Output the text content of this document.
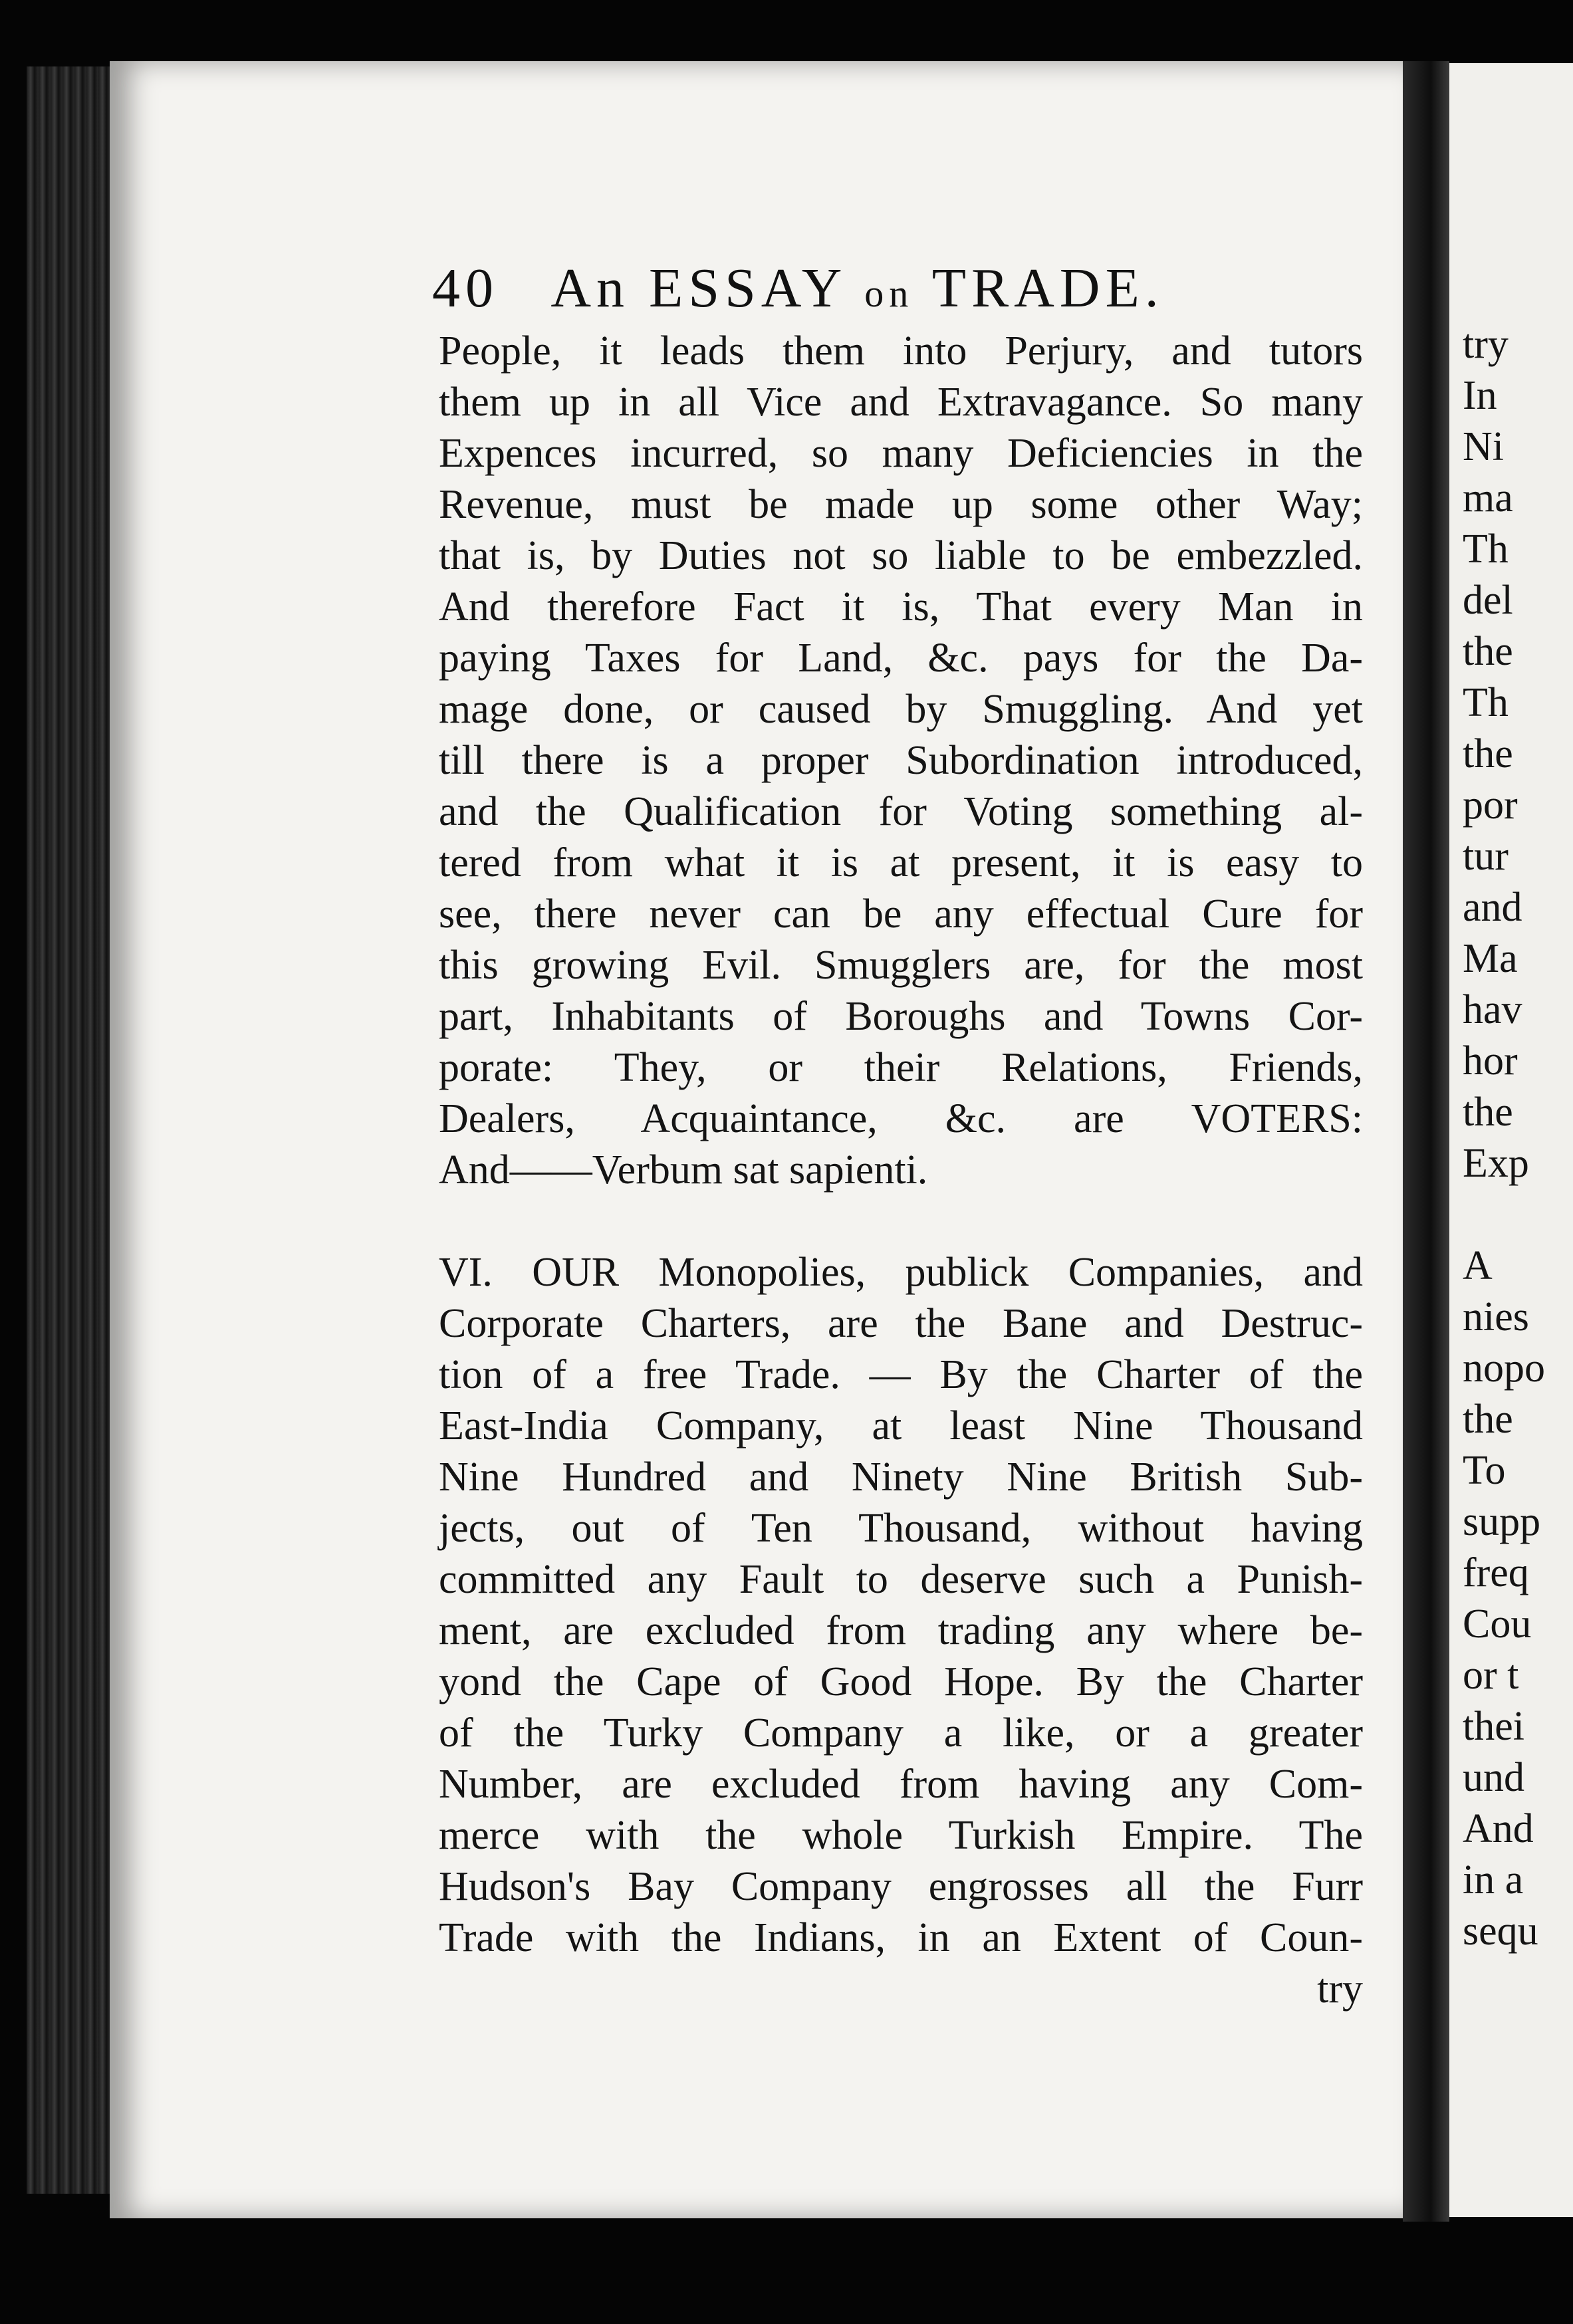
40 An ESSAY on TRADE.
People, it leads them into Perjury, and tutors
them up in all Vice and Extravagance. So many
Expences incurred, so many Deficiencies in the
Revenue, must be made up some other Way;
that is, by Duties not so liable to be embezzled.
And therefore Fact it is, That every Man in
paying Taxes for Land, &c. pays for the Da-
mage done, or caused by Smuggling. And yet
till there is a proper Subordination introduced,
and the Qualification for Voting something al-
tered from what it is at present, it is easy to
see, there never can be any effectual Cure for
this growing Evil. Smugglers are, for the most
part, Inhabitants of Boroughs and Towns Cor-
porate: They, or their Relations, Friends,
Dealers, Acquaintance, &c. are VOTERS:
And——Verbum sat sapienti.
VI. OUR Monopolies, publick Companies, and
Corporate Charters, are the Bane and Destruc-
tion of a free Trade. — By the Charter of the
East-India Company, at least Nine Thousand
Nine Hundred and Ninety Nine British Sub-
jects, out of Ten Thousand, without having
committed any Fault to deserve such a Punish-
ment, are excluded from trading any where be-
yond the Cape of Good Hope. By the Charter
of the Turky Company a like, or a greater
Number, are excluded from having any Com-
merce with the whole Turkish Empire. The
Hudson's Bay Company engrosses all the Furr
Trade with the Indians, in an Extent of Coun-
try
try
In
Ni
ma
Th
del
the
Th
the
por
tur
and
Ma
hav
hor
the
Exp
A
nies
nopo
the
To
supp
freq
Cou
or t
thei
und
And
in a
sequ
